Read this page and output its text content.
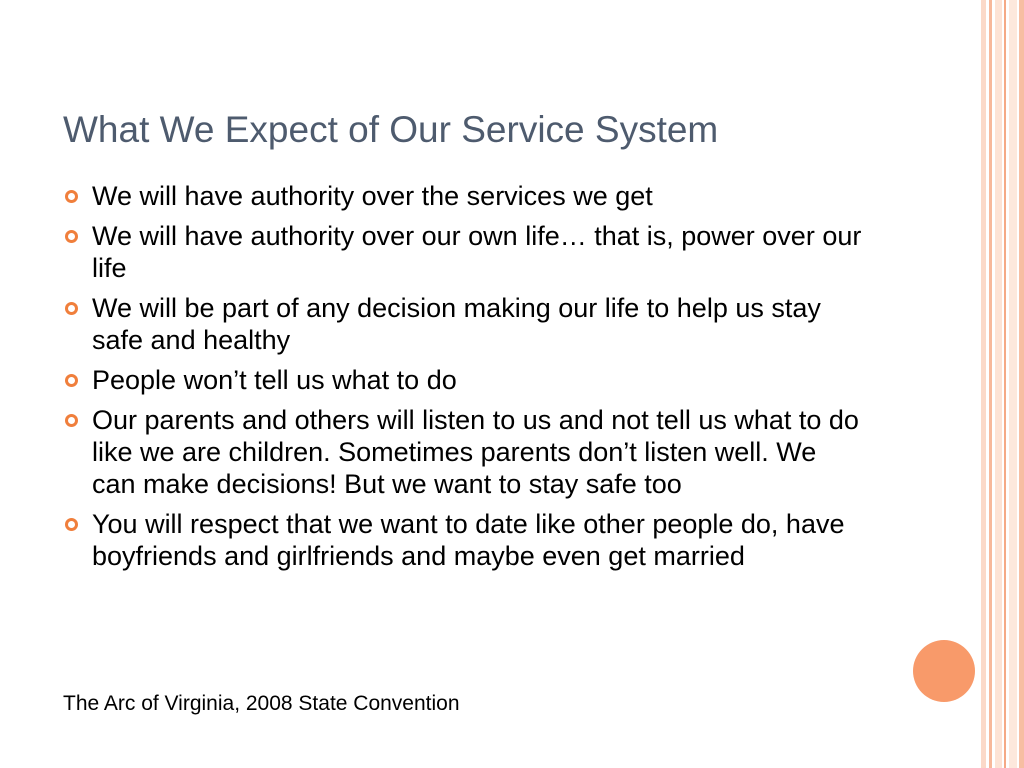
What We Expect of Our Service System
We will have authority over the services we get
We will have authority over our own life… that is, power over our life
We will be part of any decision making our life to help us stay safe and healthy
People won’t tell us what to do
Our parents and others will listen to us and not tell us what to do like we are children. Sometimes parents don’t listen well. We can make decisions! But we want to stay safe too
You will respect that we want to date like other people do, have boyfriends and girlfriends and maybe even get married
The Arc of Virginia, 2008 State Convention
